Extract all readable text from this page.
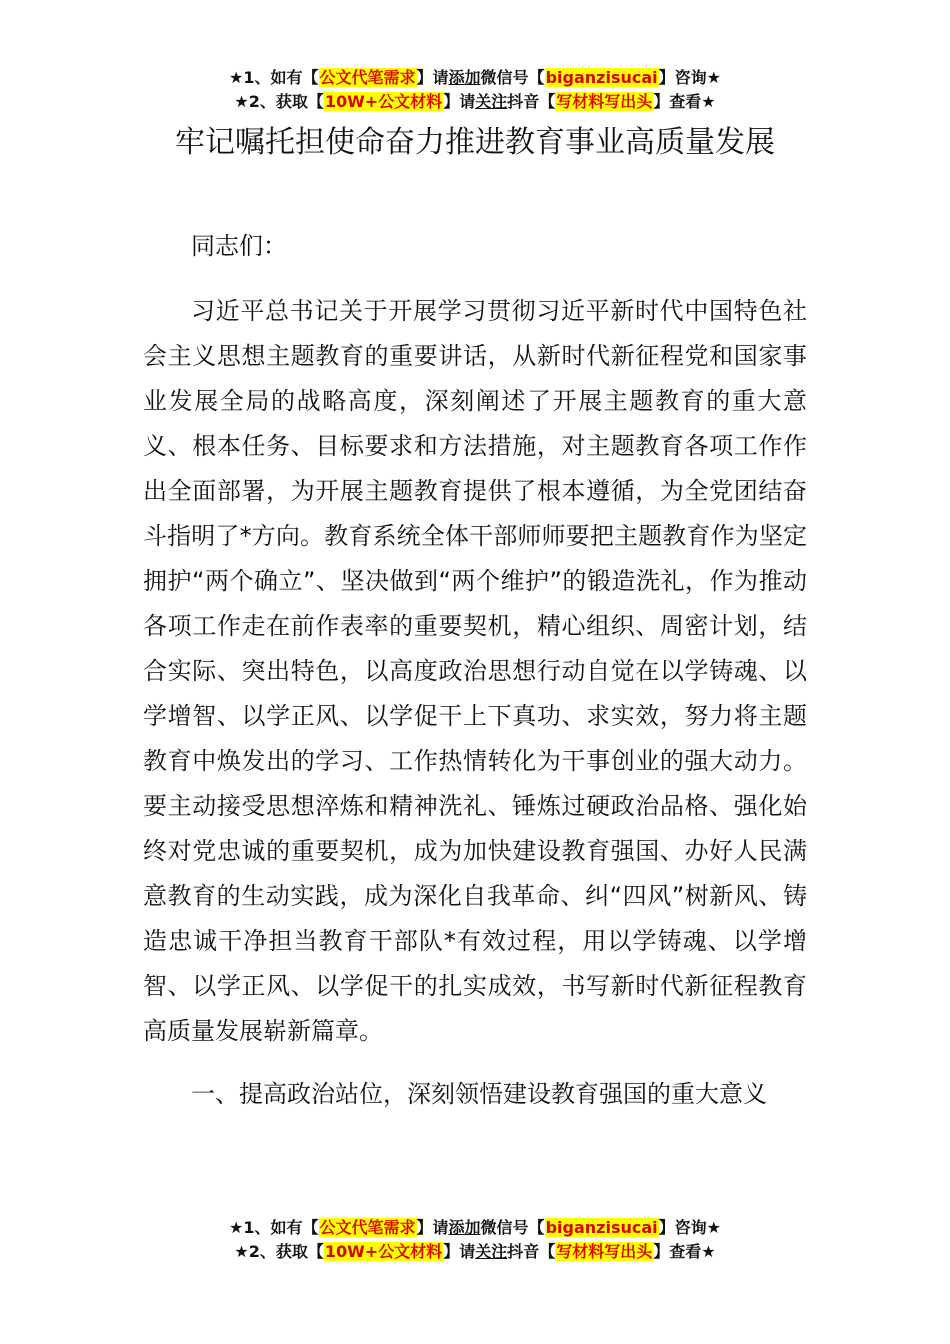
★1、如有【公文代笔需求】请添加微信号【biganzisucai】咨询★
★2、获取【10W+公文材料】请关注抖音【写材料写出头】查看★
牢记嘱托担使命奋力推进教育事业高质量发展

同志们：

习近平总书记关于开展学习贯彻习近平新时代中国特色社会主义思想主题教育的重要讲话，从新时代新征程党和国家事业发展全局的战略高度，深刻阐述了开展主题教育的重大意义、根本任务、目标要求和方法措施，对主题教育各项工作作出全面部署，为开展主题教育提供了根本遵循，为全党团结奋斗指明了*方向。教育系统全体干部师师要把主题教育作为坚定拥护“两个确立”、坚决做到“两个维护”的锻造洗礼，作为推动各项工作走在前作表率的重要契机，精心组织、周密计划，结合实际、突出特色，以高度政治思想行动自觉在以学铸魂、以学增智、以学正风、以学促干上下真功、求实效，努力将主题教育中焕发出的学习、工作热情转化为干事创业的强大动力。要主动接受思想淬炼和精神洗礼、锤炼过硬政治品格、强化始终对党忠诚的重要契机，成为加快建设教育强国、办好人民满意教育的生动实践，成为深化自我革命、纠“四风”树新风、铸造忠诚干净担当教育干部队*有效过程，用以学铸魂、以学增智、以学正风、以学促干的扎实成效，书写新时代新征程教育高质量发展崭新篇章。

一、提高政治站位，深刻领悟建设教育强国的重大意义

★1、如有【公文代笔需求】请添加微信号【biganzisucai】咨询★
★2、获取【10W+公文材料】请关注抖音【写材料写出头】查看★
